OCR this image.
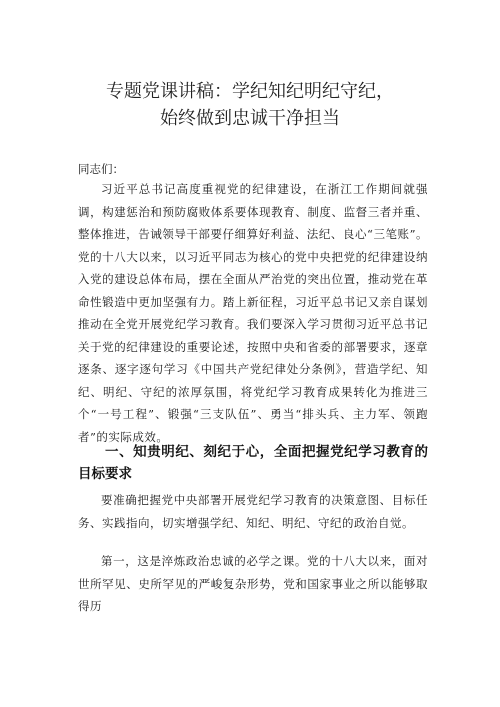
专题党课讲稿：学纪知纪明纪守纪，
始终做到忠诚干净担当
同志们：

习近平总书记高度重视党的纪律建设，在浙江工作期间就强调，构建惩治和预防腐败体系要体现教育、制度、监督三者并重、整体推进，告诫领导干部要仔细算好利益、法纪、良心“三笔账”。党的十八大以来，以习近平同志为核心的党中央把党的纪律建设纳入党的建设总体布局，摆在全面从严治党的突出位置，推动党在革命性锻造中更加坚强有力。踏上新征程，习近平总书记又亲自谋划推动在全党开展党纪学习教育。我们要深入学习贯彻习近平总书记关于党的纪律建设的重要论述，按照中央和省委的部署要求，逐章逐条、逐字逐句学习《中国共产党纪律处分条例》，营造学纪、知纪、明纪、守纪的浓厚氛围，将党纪学习教育成果转化为推进三个“一号工程”、锻强“三支队伍”、勇当“排头兵、主力军、领跑者”的实际成效。

一、知贵明纪、刻纪于心，全面把握党纪学习教育的目标要求

要准确把握党中央部署开展党纪学习教育的决策意图、目标任务、实践指向，切实增强学纪、知纪、明纪、守纪的政治自觉。

第一，这是淬炼政治忠诚的必学之课。党的十八大以来，面对世所罕见、史所罕见的严峻复杂形势，党和国家事业之所以能够取得历
